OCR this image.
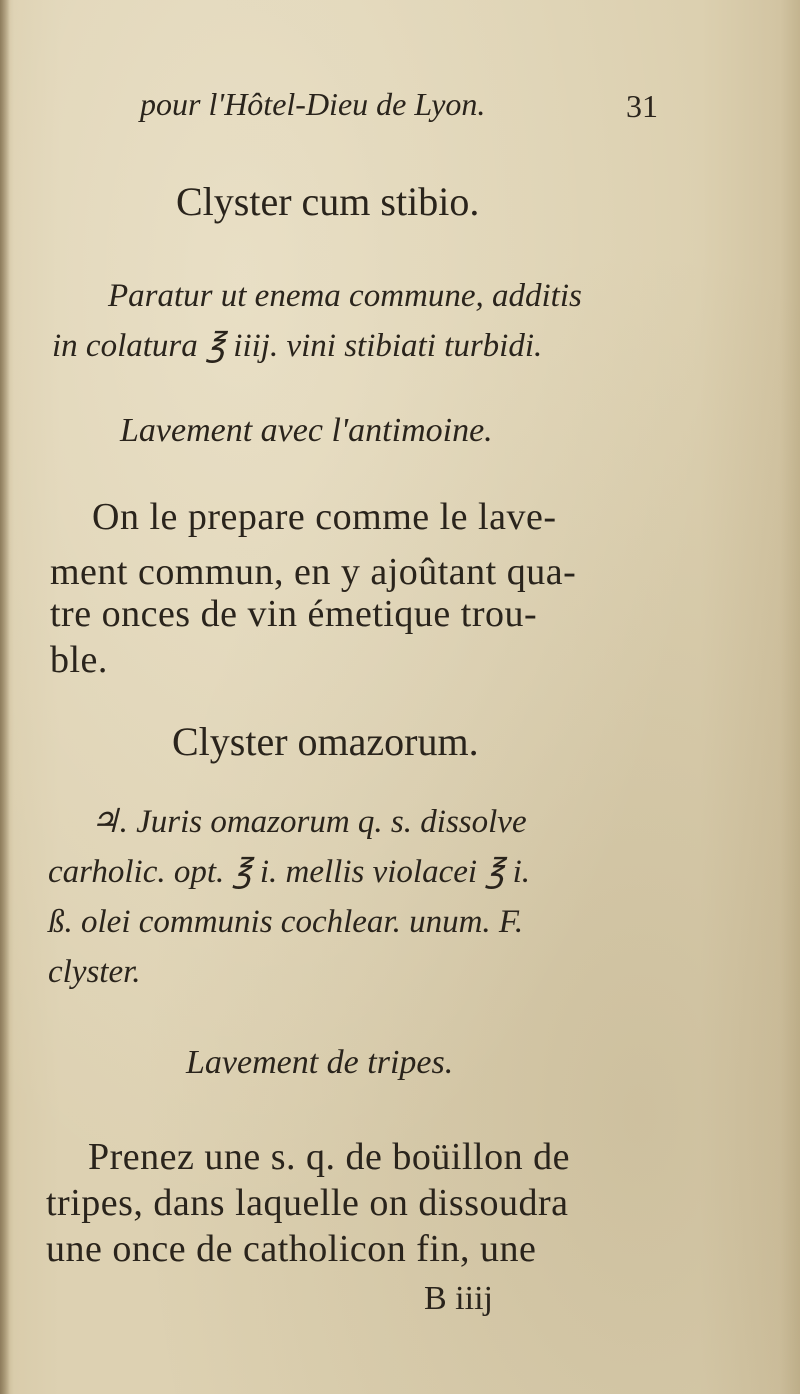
pour l'Hôtel-Dieu de Lyon.	31
Clyster cum stibio.
Paratur ut enema commune, additis
in colatura ℥ iiij. vini stibiati turbidi.
Lavement avec l'antimoine.
On le prepare comme le lave-
ment commun, en y ajoûtant qua-
tre onces de vin émetique trou-
ble.
Clyster omazorum.
♃. Juris omazorum q. s. dissolve
carholic. opt. ℥ i. mellis violacei ℥ i.
ß. olei communis cochlear. unum. F.
clyster.
Lavement de tripes.
Prenez une s. q. de boüillon de
tripes, dans laquelle on dissoudra
une once de catholicon fin, une
B iiij
